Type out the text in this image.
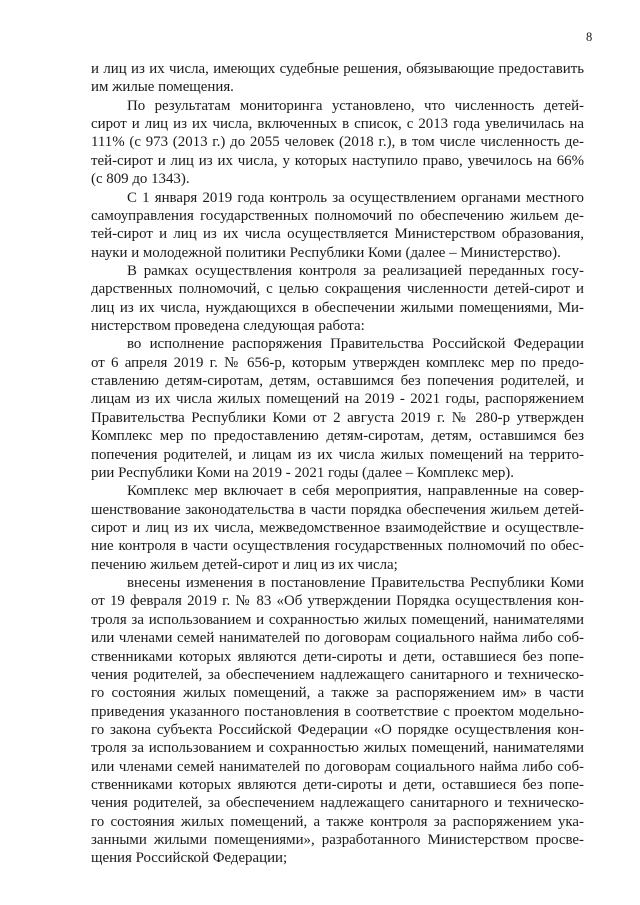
8

и лиц из их числа, имеющих судебные решения, обязывающие предоставить

им жилые помещения.

По результатам мониторинга установлено, что численность детей-

сирот и лиц из их числа, включенных в список, с 2013 года увеличилась на

111% (с 973 (2013 г.) до 2055 человек (2018 г.), в том числе численность де-

тей-сирот и лиц из их числа, у которых наступило право, увечилось на 66%

(с 809 до 1343).

С 1 января 2019 года контроль за осуществлением органами местного

самоуправления государственных полномочий по обеспечению жильем де-

тей-сирот и лиц из их числа осуществляется Министерством образования,

науки и молодежной политики Республики Коми (далее – Министерство).

В рамках осуществления контроля за реализацией переданных госу-

дарственных полномочий, с целью сокращения численности детей-сирот и

лиц из их числа, нуждающихся в обеспечении жилыми помещениями, Ми-

нистерством проведена следующая работа:

во исполнение распоряжения Правительства Российской Федерации

от 6 апреля 2019 г. № 656-р, которым утвержден комплекс мер по предо-

ставлению детям-сиротам, детям, оставшимся без попечения родителей, и

лицам из их числа жилых помещений на 2019 - 2021 годы, распоряжением

Правительства Республики Коми от 2 августа 2019 г. № 280-р утвержден

Комплекс мер по предоставлению детям-сиротам, детям, оставшимся без

попечения родителей, и лицам из их числа жилых помещений на террито-

рии Республики Коми на 2019 - 2021 годы (далее – Комплекс мер).

Комплекс мер включает в себя мероприятия, направленные на совер-

шенствование законодательства в части порядка обеспечения жильем детей-

сирот и лиц из их числа, межведомственное взаимодействие и осуществле-

ние контроля в части осуществления государственных полномочий по обес-

печению жильем детей-сирот и лиц из их числа;

внесены изменения в постановление Правительства Республики Коми

от 19 февраля 2019 г. № 83 «Об утверждении Порядка осуществления кон-

троля за использованием и сохранностью жилых помещений, нанимателями

или членами семей нанимателей по договорам социального найма либо соб-

ственниками которых являются дети-сироты и дети, оставшиеся без попе-

чения родителей, за обеспечением надлежащего санитарного и техническо-

го состояния жилых помещений, а также за распоряжением им» в части

приведения указанного постановления в соответствие с проектом модельно-

го закона субъекта Российской Федерации «О порядке осуществления кон-

троля за использованием и сохранностью жилых помещений, нанимателями

или членами семей нанимателей по договорам социального найма либо соб-

ственниками которых являются дети-сироты и дети, оставшиеся без попе-

чения родителей, за обеспечением надлежащего санитарного и техническо-

го состояния жилых помещений, а также контроля за распоряжением ука-

занными жилыми помещениями», разработанного Министерством просве-

щения Российской Федерации;
